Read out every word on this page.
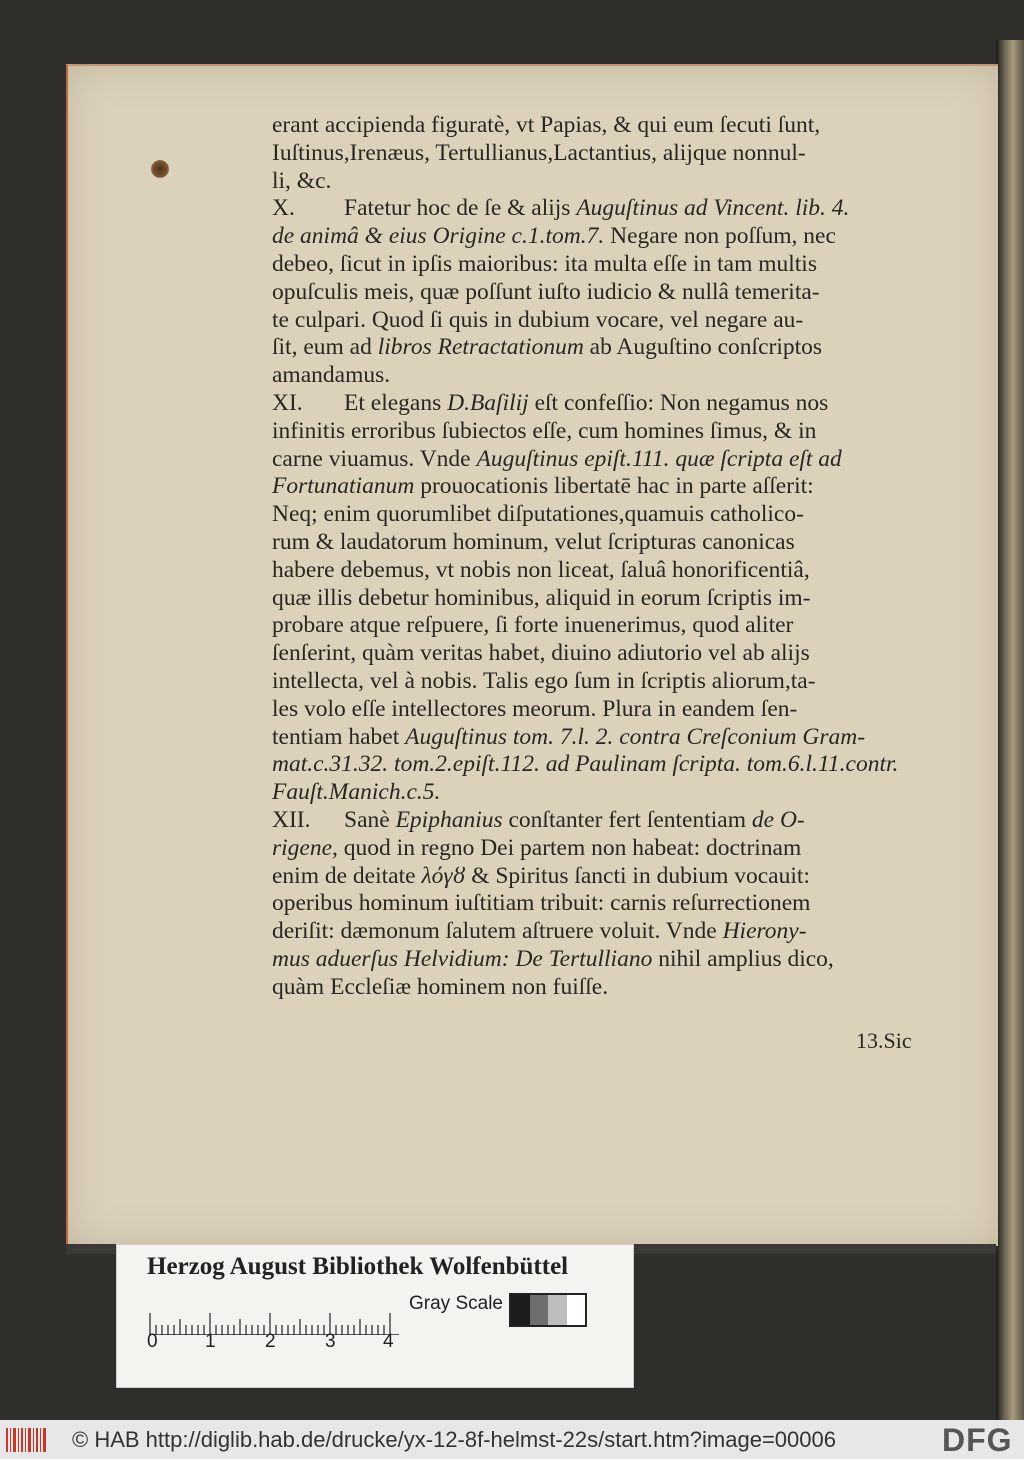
erant accipienda figuratè, vt Papias, & qui eum ſecuti ſunt,
Iuſtinus,Irenæus, Tertullianus,Lactantius, alijque nonnul-
li, &c.
X. Fatetur hoc de ſe & alijs Auguſtinus ad Vincent. lib. 4.
de animâ & eius Origine c.1.tom.7. Negare non poſſum, nec
debeo, ſicut in ipſis maioribus: ita multa eſſe in tam multis
opuſculis meis, quæ poſſunt iuſto iudicio & nullâ temerita-
te culpari. Quod ſi quis in dubium vocare, vel negare au-
ſit, eum ad libros Retractationum ab Auguſtino conſcriptos
amandamus.
XI. Et elegans D.Baſilij eſt confeſſio: Non negamus nos
infinitis erroribus ſubiectos eſſe, cum homines ſimus, & in
carne viuamus. Vnde Auguſtinus epiſt.111. quæ ſcripta eſt ad
Fortunatianum prouocationis libertatē hac in parte aſſerit:
Neq; enim quorumlibet diſputationes,quamuis catholico-
rum & laudatorum hominum, velut ſcripturas canonicas
habere debemus, vt nobis non liceat, ſaluâ honorificentiâ,
quæ illis debetur hominibus, aliquid in eorum ſcriptis im-
probare atque reſpuere, ſi forte inuenerimus, quod aliter
ſenſerint, quàm veritas habet, diuino adiutorio vel ab alijs
intellecta, vel à nobis. Talis ego ſum in ſcriptis aliorum,ta-
les volo eſſe intellectores meorum. Plura in eandem ſen-
tentiam habet Auguſtinus tom. 7.l. 2. contra Creſconium Gram-
mat.c.31.32. tom.2.epiſt.112. ad Paulinam ſcripta. tom.6.l.11.contr.
Fauſt.Manich.c.5.
XII. Sanè Epiphanius conſtanter fert ſententiam de O-
rigene, quod in regno Dei partem non habeat: doctrinam
enim de deitate λόγȣ & Spiritus ſancti in dubium vocauit:
operibus hominum iuſtitiam tribuit: carnis reſurrectionem
deriſit: dæmonum ſalutem aſtruere voluit. Vnde Hierony-
mus aduerſus Helvidium: De Tertulliano nihil amplius dico,
quàm Eccleſiæ hominem non fuiſſe.
13.Sic
Herzog August Bibliothek Wolfenbüttel
Gray Scale
0 1	2	3 4
© HAB http://diglib.hab.de/drucke/yx-12-8f-helmst-22s/start.htm?image=00006	DFG
